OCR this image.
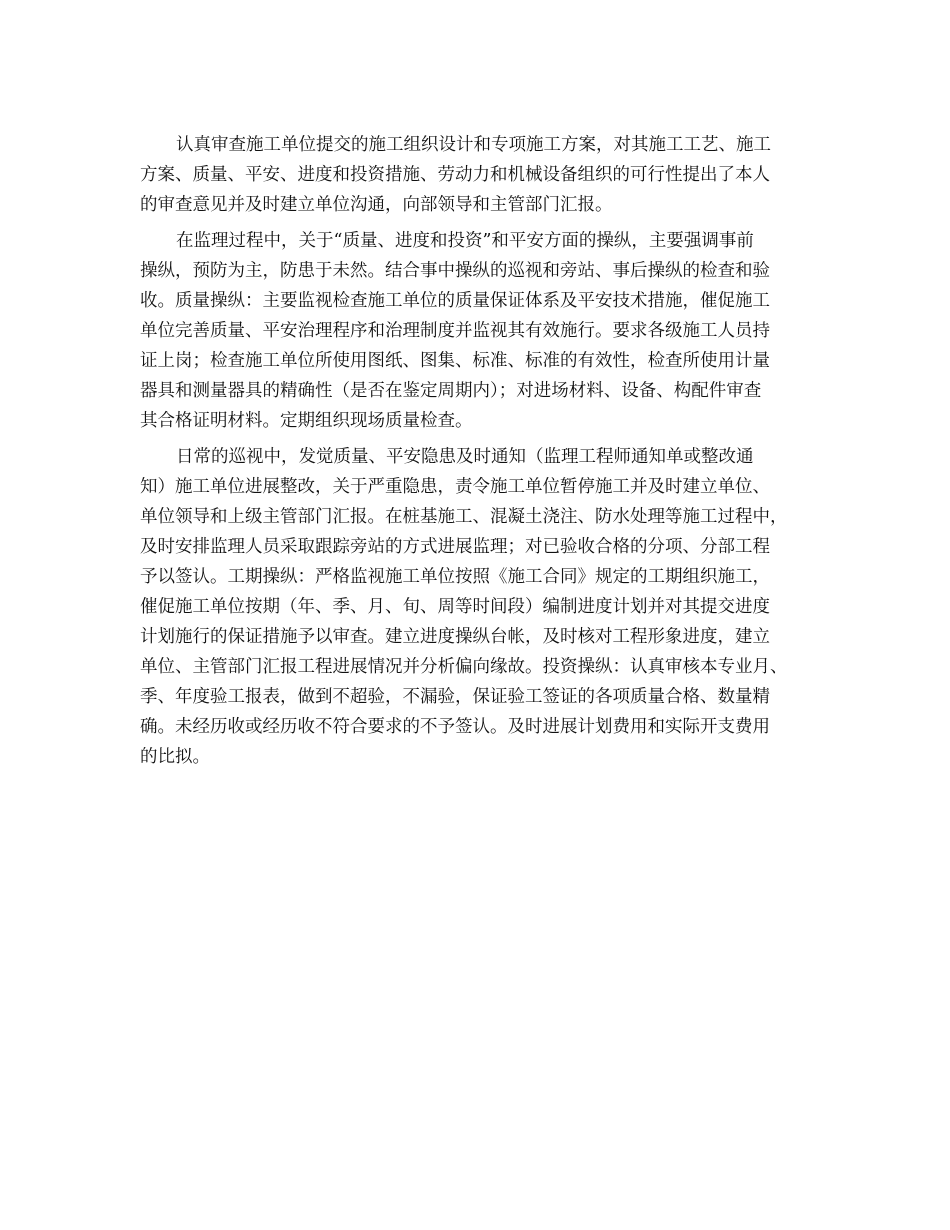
认真审查施工单位提交的施工组织设计和专项施工方案，对其施工工艺、施工
方案、质量、平安、进度和投资措施、劳动力和机械设备组织的可行性提出了本人
的审查意见并及时建立单位沟通，向部领导和主管部门汇报。
在监理过程中，关于“质量、进度和投资”和平安方面的操纵，主要强调事前
操纵，预防为主，防患于未然。结合事中操纵的巡视和旁站、事后操纵的检查和验
收。质量操纵：主要监视检查施工单位的质量保证体系及平安技术措施，催促施工
单位完善质量、平安治理程序和治理制度并监视其有效施行。要求各级施工人员持
证上岗；检查施工单位所使用图纸、图集、标准、标准的有效性，检查所使用计量
器具和测量器具的精确性（是否在鉴定周期内）；对进场材料、设备、构配件审查
其合格证明材料。定期组织现场质量检查。
日常的巡视中，发觉质量、平安隐患及时通知（监理工程师通知单或整改通
知）施工单位进展整改，关于严重隐患，责令施工单位暂停施工并及时建立单位、
单位领导和上级主管部门汇报。在桩基施工、混凝土浇注、防水处理等施工过程中，
及时安排监理人员采取跟踪旁站的方式进展监理；对已验收合格的分项、分部工程
予以签认。工期操纵：严格监视施工单位按照《施工合同》规定的工期组织施工，
催促施工单位按期（年、季、月、旬、周等时间段）编制进度计划并对其提交进度
计划施行的保证措施予以审查。建立进度操纵台帐，及时核对工程形象进度，建立
单位、主管部门汇报工程进展情况并分析偏向缘故。投资操纵：认真审核本专业月、
季、年度验工报表，做到不超验，不漏验，保证验工签证的各项质量合格、数量精
确。未经历收或经历收不符合要求的不予签认。及时进展计划费用和实际开支费用
的比拟。
